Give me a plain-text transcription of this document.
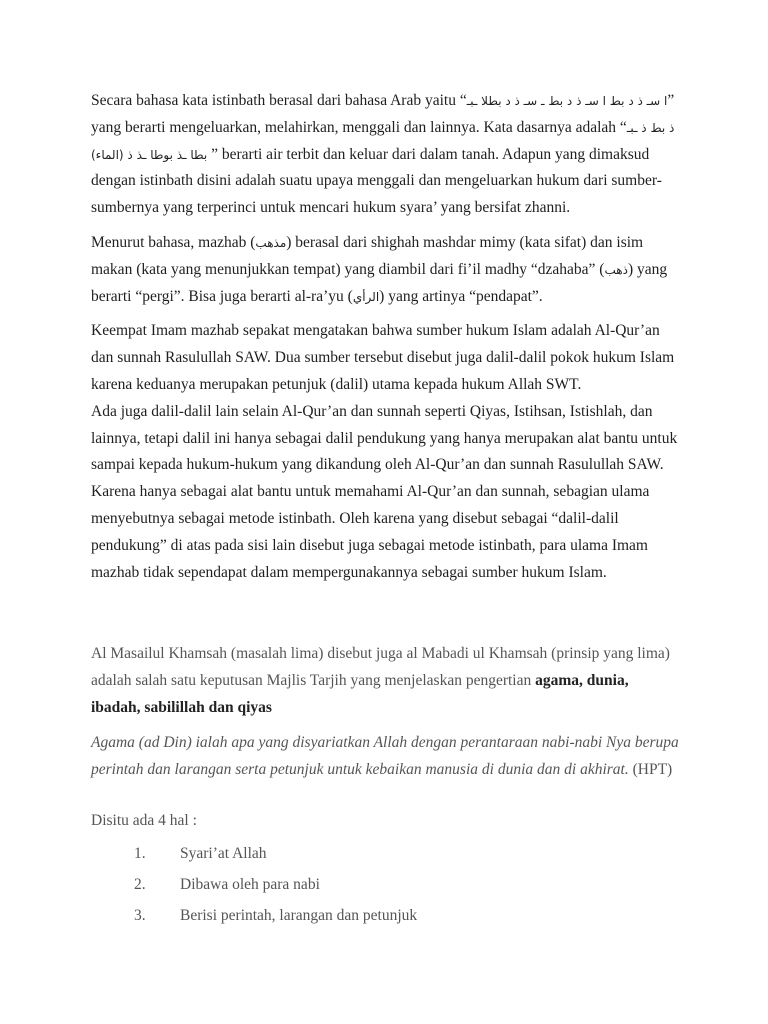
Secara bahasa kata istinbath berasal dari bahasa Arab yaitu “ا سـ ذ د بط ا سـ ذ د بط ـ سـ ذ د بطلا ـبـ” yang berarti mengeluarkan, melahirkan, menggali dan lainnya. Kata dasarnya adalah “ذ بط ذ ـبـ بطا ـذ بوطا ـذ ذ (الماء) ” berarti air terbit dan keluar dari dalam tanah. Adapun yang dimaksud dengan istinbath disini adalah suatu upaya menggali dan mengeluarkan hukum dari sumber-sumbernya yang terperinci untuk mencari hukum syara’ yang bersifat zhanni.

Menurut bahasa, mazhab (مذهب) berasal dari shighah mashdar mimy (kata sifat) dan isim makan (kata yang menunjukkan tempat) yang diambil dari fi’il madhy “dzahaba” (ذهب) yang berarti “pergi”. Bisa juga berarti al-ra’yu (الرأي) yang artinya “pendapat”.

Keempat Imam mazhab sepakat mengatakan bahwa sumber hukum Islam adalah Al-Qur’an dan sunnah Rasulullah SAW. Dua sumber tersebut disebut juga dalil-dalil pokok hukum Islam karena keduanya merupakan petunjuk (dalil) utama kepada hukum Allah SWT.

Ada juga dalil-dalil lain selain Al-Qur’an dan sunnah seperti Qiyas, Istihsan, Istishlah, dan lainnya, tetapi dalil ini hanya sebagai dalil pendukung yang hanya merupakan alat bantu untuk sampai kepada hukum-hukum yang dikandung oleh Al-Qur’an dan sunnah Rasulullah SAW. Karena hanya sebagai alat bantu untuk memahami Al-Qur’an dan sunnah, sebagian ulama menyebutnya sebagai metode istinbath. Oleh karena yang disebut sebagai “dalil-dalil pendukung” di atas pada sisi lain disebut juga sebagai metode istinbath, para ulama Imam mazhab tidak sependapat dalam mempergunakannya sebagai sumber hukum Islam.

Al Masailul Khamsah (masalah lima) disebut juga al Mabadi ul Khamsah (prinsip yang lima) adalah salah satu keputusan Majlis Tarjih yang menjelaskan pengertian agama, dunia, ibadah, sabilillah dan qiyas

Agama (ad Din) ialah apa yang disyariatkan Allah dengan perantaraan nabi-nabi Nya berupa perintah dan larangan serta petunjuk untuk kebaikan manusia di dunia dan di akhirat. (HPT)

Disitu ada 4 hal :
1.	Syari’at Allah
2.	Dibawa oleh para nabi
3.	Berisi perintah, larangan dan petunjuk
